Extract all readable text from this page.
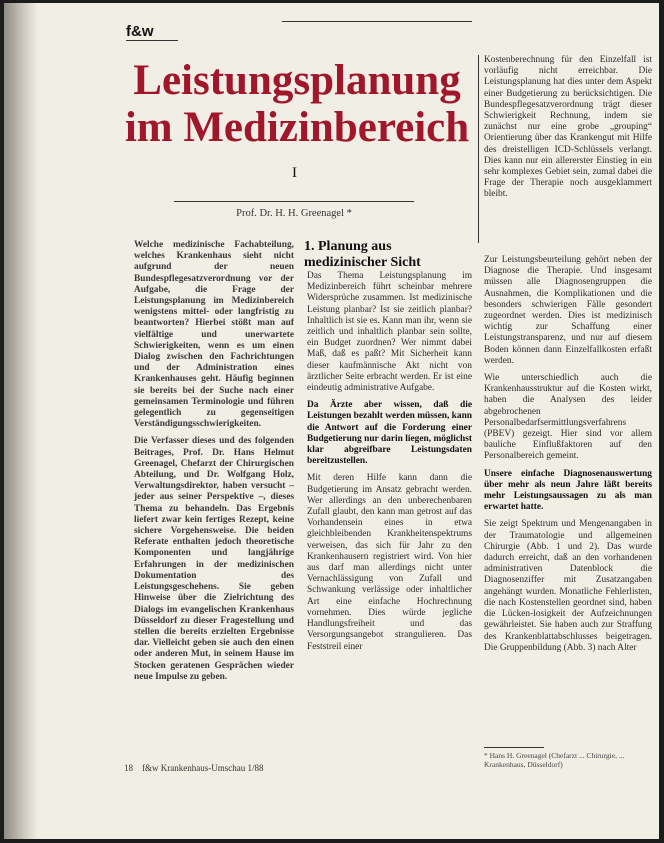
f&w
Leistungsplanung im Medizinbereich
I
Prof. Dr. H. H. Greenagel *

Welche medizinische Fachabteilung, welches Krankenhaus sieht nicht aufgrund der neuen Bundespflegesatzverordnung vor der Aufgabe, die Frage der Leistungsplanung im Medizinbereich wenigstens mittel- oder langfristig zu beantworten? Hierbei stößt man auf vielfältige und unerwartete Schwierigkeiten, wenn es um einen Dialog zwischen den Fachrichtungen und der Administration eines Krankenhauses geht. Häufig beginnen sie bereits bei der Suche nach einer gemeinsamen Terminologie und führen gelegentlich zu gegenseitigen Verständigungsschwierigkeiten.

Die Verfasser dieses und des folgenden Beitrages, Prof. Dr. Hans Helmut Greenagel, Chefarzt der Chirurgischen Abteilung, und Dr. Wolfgang Holz, Verwaltungsdirektor, haben versucht – jeder aus seiner Perspektive –, dieses Thema zu behandeln. Das Ergebnis liefert zwar kein fertiges Rezept, keine sichere Vorgehensweise. Die beiden Referate enthalten jedoch theoretische Komponenten und langjährige Erfahrungen in der medizinischen Dokumentation des Leistungsgeschehens. Sie geben Hinweise über die Zielrichtung des Dialogs im evangelischen Krankenhaus Düsseldorf zu dieser Fragestellung und stellen die bereits erzielten Ergebnisse dar. Vielleicht geben sie auch den einen oder anderen Mut, in seinem Hause im Stocken geratenen Gesprächen wieder neue Impulse zu geben.

1. Planung aus medizinischer Sicht

Das Thema Leistungsplanung im Medizinbereich führt scheinbar mehrere Widersprüche zusammen. Ist medizinische Leistung planbar? Ist sie zeitlich planbar? Inhaltlich ist sie es. Kann man ihr, wenn sie zeitlich und inhaltlich planbar sein sollte, ein Budget zuordnen? Wer nimmt dabei Maß, daß es paßt? Mit Sicherheit kann dieser kaufmännische Akt nicht von ärztlicher Seite erbracht werden. Er ist eine eindeutig administrative Aufgabe.

Da Ärzte aber wissen, daß die Leistungen bezahlt werden müssen, kann die Antwort auf die Forderung einer Budgetierung nur darin liegen, möglichst klar abgreifbare Leistungsdaten bereitzustellen.

Mit deren Hilfe kann dann die Budgetierung im Ansatz gebracht werden. Wer allerdings an den unberechenbaren Zufall glaubt, den kann man getrost auf das Vorhandensein eines in etwa gleichbleibenden Krankheitenspektrums verweisen, das sich für Jahr zu den Krankenhausern registriert wird. Von hier aus darf man allerdings nicht unter Vernachlässigung von Zufall und Schwankung verlässige oder inhaltlicher Art eine einfache Hochrechnung vornehmen. Dies würde jegliche Handlungsfreiheit und das Versorgungsangebot strangulieren. Das Feststreil einer

Kostenberechnung für den Einzelfall ist vorläufig nicht erreichbar. Die Leistungsplanung hat dies unter dem Aspekt einer Budgetierung zu berücksichtigen. Die Bundespflegesatzverordnung trägt dieser Schwierigkeit Rechnung, indem sie zunächst nur eine grobe „grouping“ Orientierung über das Krankengut mit Hilfe des dreistelligen ICD-Schlüssels verlangt. Dies kann nur ein allererster Einstieg in ein sehr komplexes Gebiet sein, zumal dabei die Frage der Therapie noch ausgeklammert bleibt.

Zur Leistungsbeurteilung gehört neben der Diagnose die Therapie. Und insgesamt müssen alle Diagnosengruppen die Ausnahmen, die Komplikationen und die besonders schwierigen Fälle gesondert zugeordnet werden. Dies ist medizinisch wichtig zur Schaffung einer Leistungstransparenz, und nur auf diesem Boden können dann Einzelfallkosten erfaßt werden.

Wie unterschiedlich auch die Krankenhausstruktur auf die Kosten wirkt, haben die Analysen des leider abgebrochenen Personalbedarfsermittlungsverfahrens (PBEV) gezeigt. Hier sind vor allem bauliche Einflußfaktoren auf den Personalbereich gemeint.

Unsere einfache Diagnosenauswertung über mehr als neun Jahre läßt bereits mehr Leistungsaussagen zu als man erwartet hatte.

Sie zeigt Spektrum und Mengenangaben in der Traumatologie und allgemeinen Chirurgie (Abb. 1 und 2). Das wurde dadurch erreicht, daß an den vorhandenen administrativen Datenblock die Diagnosenziffer mit Zusatzangaben angehängt wurden. Monatliche Fehlerlisten, die nach Kostenstellen geordnet sind, haben die Lücken-losigkeit der Aufzeichnungen gewährleistet. Sie haben auch zur Straffung des Krankenblattabschlusses beigetragen. Die Gruppenbildung (Abb. 3) nach Alter

* Hans H. Greenagel (Chefarzt ... Chirurgie, ... Krankenhaus, Düsseldorf)
18 f&w Krankenhaus-Umschau 1/88
